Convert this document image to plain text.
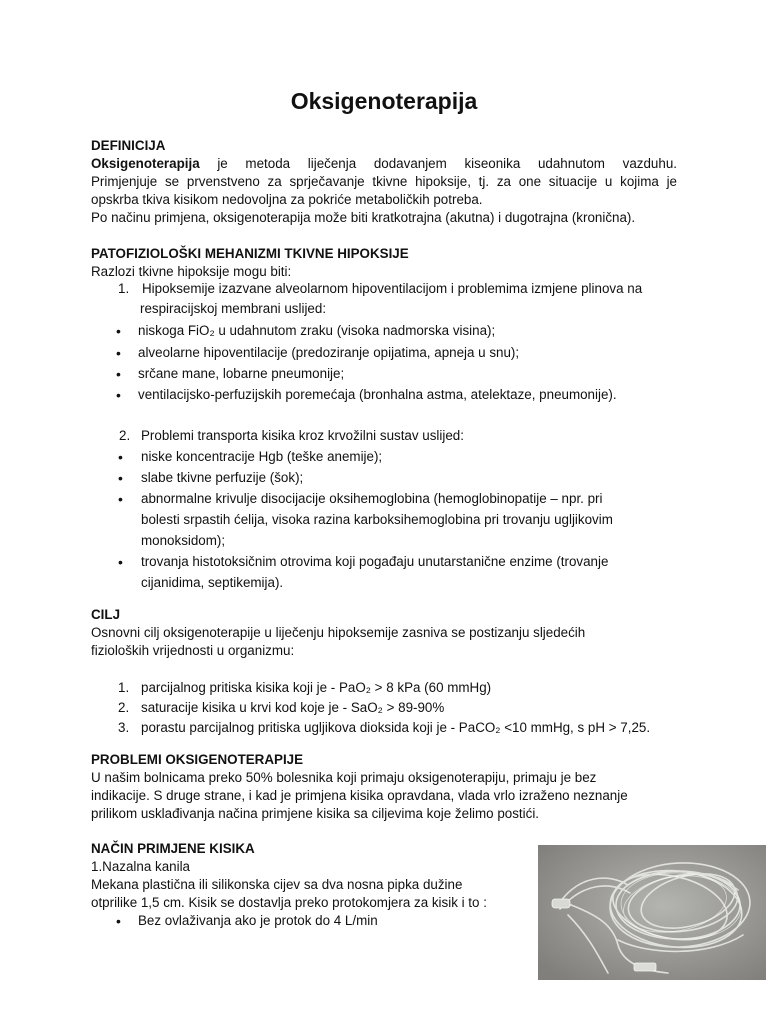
Oksigenoterapija
DEFINICIJA
Oksigenoterapija je metoda liječenja dodavanjem kiseonika udahnutom vazduhu.
Primjenjuje se prvenstveno za sprječavanje tkivne hipoksije, tj. za one situacije u kojima je
opskrba tkiva kisikom nedovoljna za pokriće metaboličkih potreba.
Po načinu primjena, oksigenoterapija može biti kratkotrajna (akutna) i dugotrajna (kronična).
PATOFIZIOLOŠKI MEHANIZMI TKIVNE HIPOKSIJE
Razlozi tkivne hipoksije mogu biti:
1. Hipoksemije izazvane alveolarnom hipoventilacijom i problemima izmjene plinova na
respiracijskoj membrani uslijed:
• niskoga FiO₂ u udahnutom zraku (visoka nadmorska visina);
• alveolarne hipoventilacije (predoziranje opijatima, apneja u snu);
• srčane mane, lobarne pneumonije;
• ventilacijsko-perfuzijskih poremećaja (bronhalna astma, atelektaze, pneumonije).
2. Problemi transporta kisika kroz krvožilni sustav uslijed:
• niske koncentracije Hgb (teške anemije);
• slabe tkivne perfuzije (šok);
• abnormalne krivulje disocijacije oksihemoglobina (hemoglobinopatije – npr. pri
bolesti srpastih ćelija, visoka razina karboksihemoglobina pri trovanju ugljikovim
monoksidom);
• trovanja histotoksičnim otrovima koji pogađaju unutarstanične enzime (trovanje
cijanidima, septikemija).
CILJ
Osnovni cilj oksigenoterapije u liječenju hipoksemije zasniva se postizanju sljedećih
fizioloških vrijednosti u organizmu:
1. parcijalnog pritiska kisika koji je - PaO₂ > 8 kPa (60 mmHg)
2. saturacije kisika u krvi kod koje je - SaO₂ > 89-90%
3. porastu parcijalnog pritiska ugljikova dioksida koji je - PaCO₂ <10 mmHg, s pH > 7,25.
PROBLEMI OKSIGENOTERAPIJE
U našim bolnicama preko 50% bolesnika koji primaju oksigenoterapiju, primaju je bez
indikacije. S druge strane, i kad je primjena kisika opravdana, vlada vrlo izraženo neznanje
prilikom usklađivanja načina primjene kisika sa ciljevima koje želimo postići.
NAČIN PRIMJENE KISIKA
1.Nazalna kanila
Mekana plastična ili silikonska cijev sa dva nosna pipka dužine
otprilike 1,5 cm. Kisik se dostavlja preko protokomjera za kisik i to :
• Bez ovlaživanja ako je protok do 4 L/min
